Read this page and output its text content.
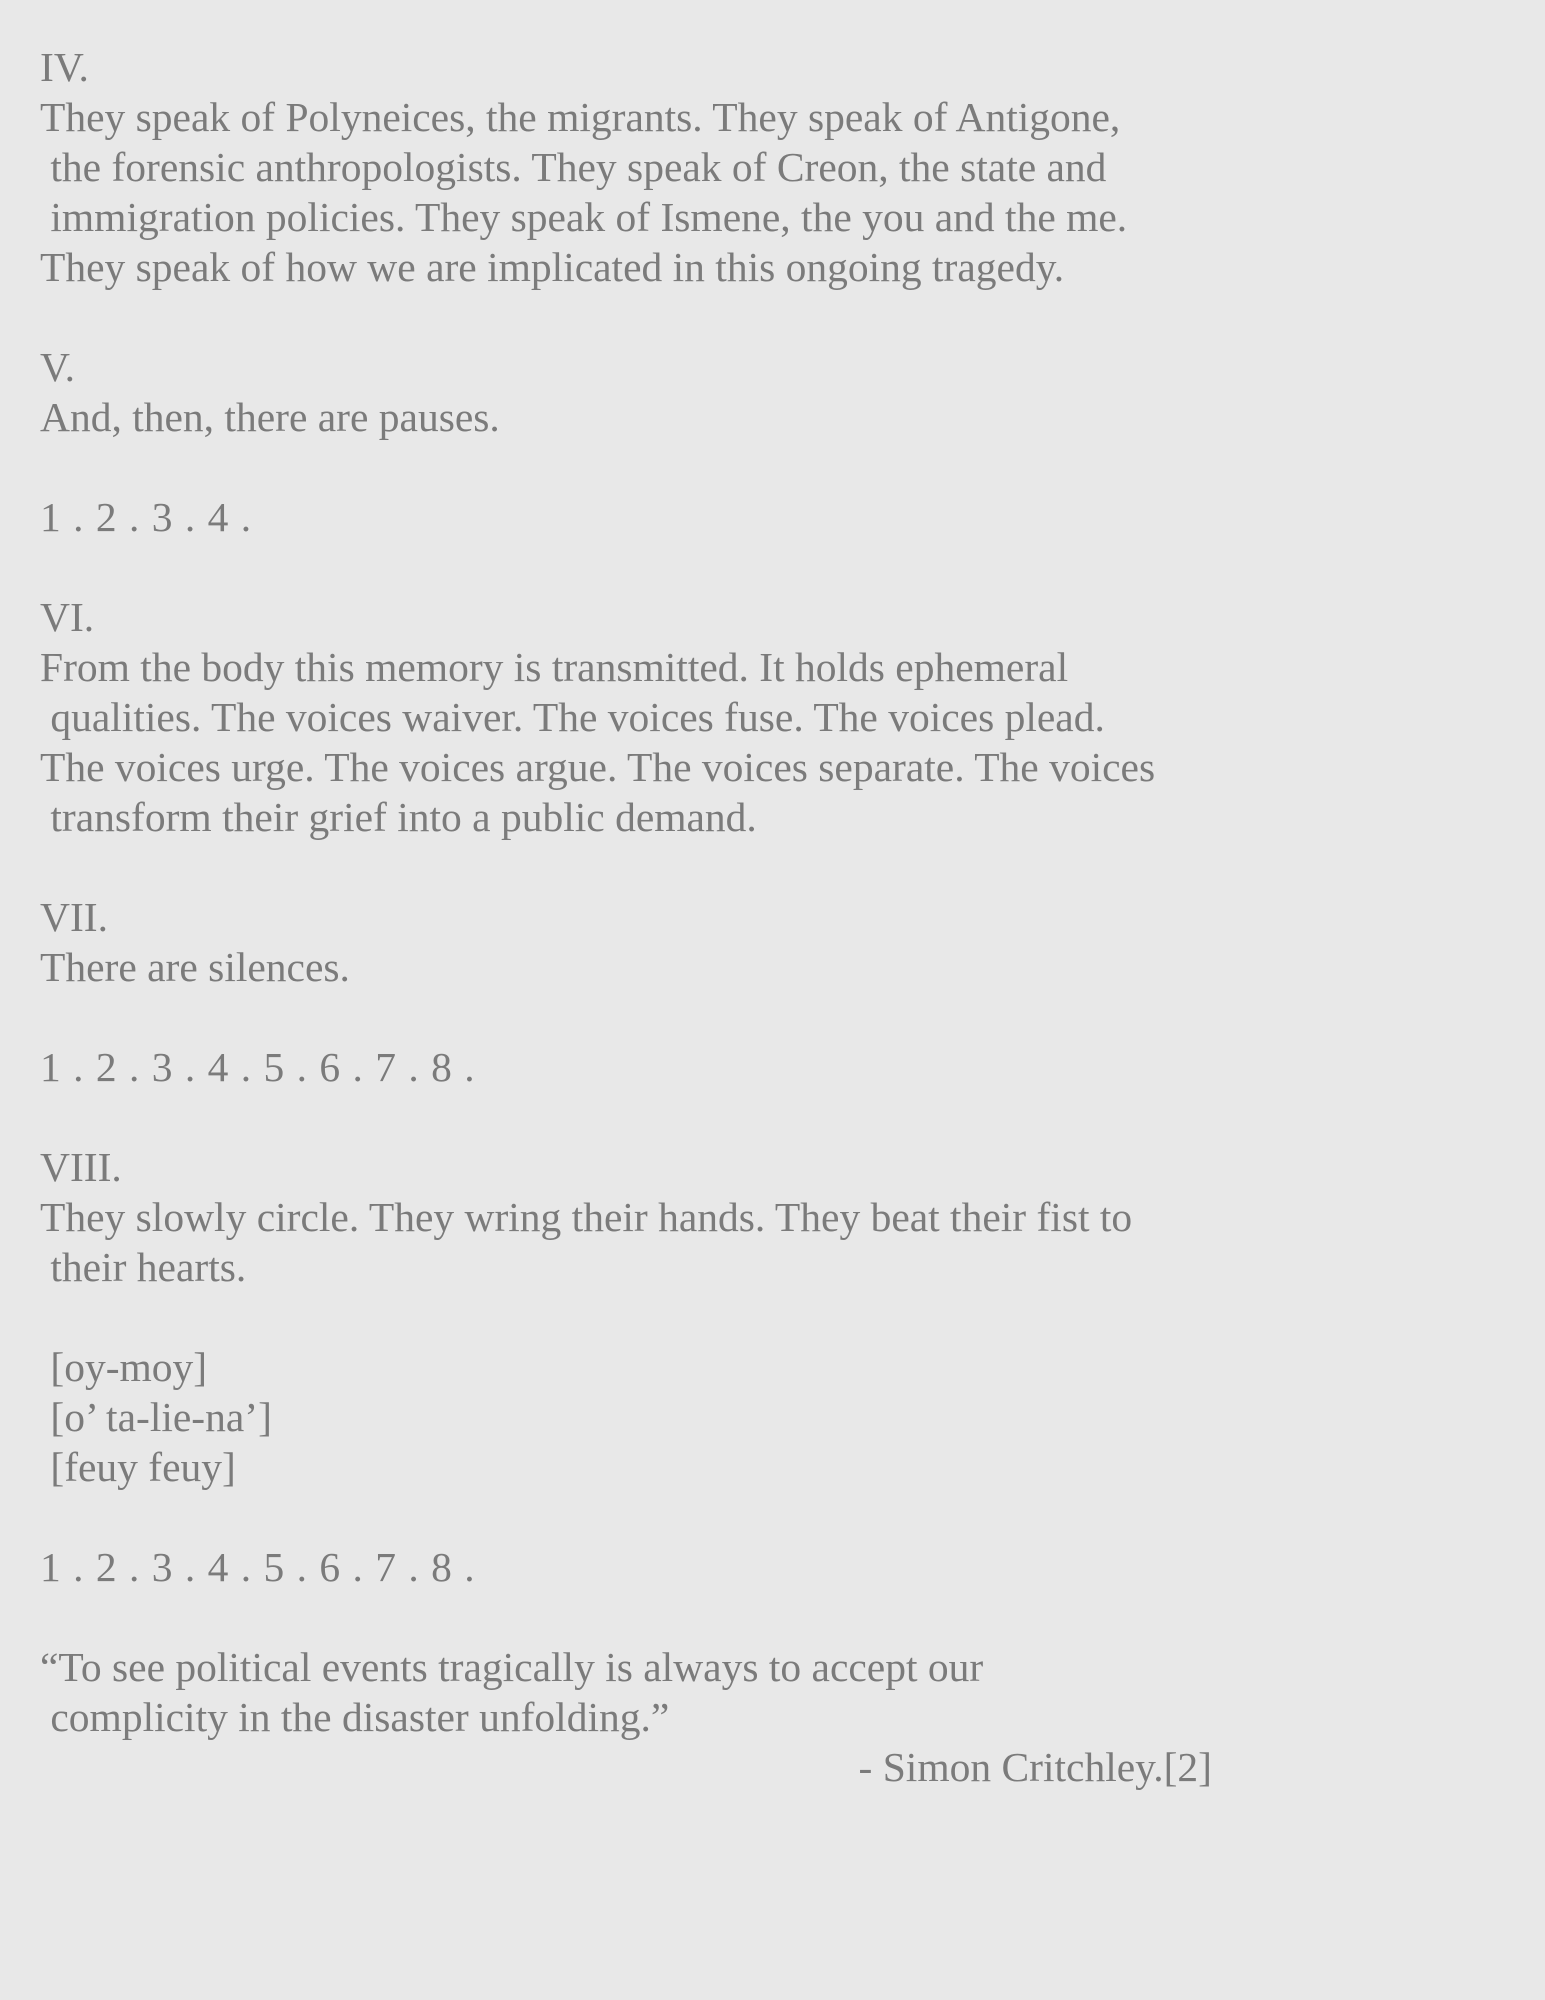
IV.

They speak of Polyneices, the migrants. They speak of Antigone,
the forensic anthropologists. They speak of Creon, the state and
immigration policies. They speak of Ismene, the you and the me.
They speak of how we are implicated in this ongoing tragedy.

V.

And, then, there are pauses.

1 . 2 . 3 . 4 .

VI.

From the body this memory is transmitted. It holds ephemeral
qualities. The voices waiver. The voices fuse. The voices plead.
The voices urge. The voices argue. The voices separate. The voices
transform their grief into a public demand.

VII.

There are silences.

1 . 2 . 3 . 4 . 5 . 6 . 7 . 8 .

VIII.

They slowly circle. They wring their hands. They beat their fist to
their hearts.
[oy-moy]
[o’ ta-lie-na’]
[feuy feuy]

1 . 2 . 3 . 4 . 5 . 6 . 7 . 8 .

“To see political events tragically is always to accept our
complicity in the disaster unfolding.”
- Simon Critchley.[2]
